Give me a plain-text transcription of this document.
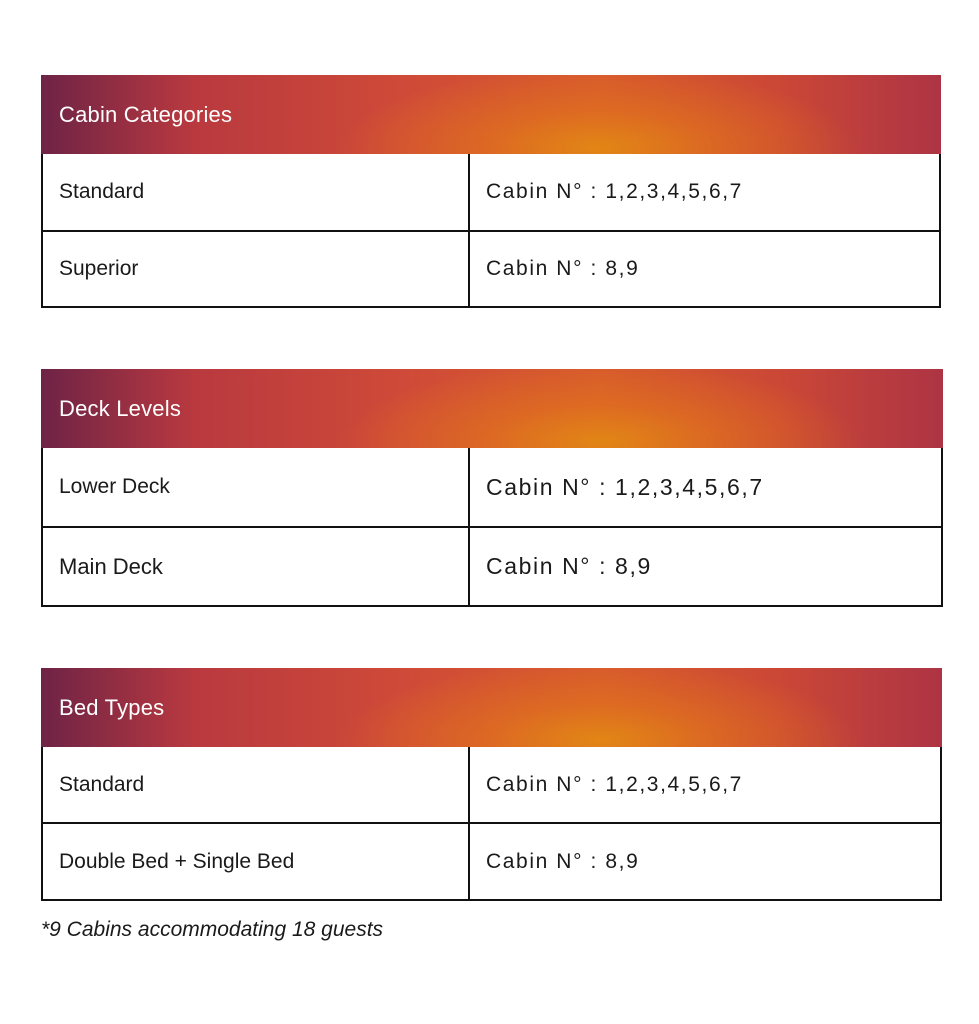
Cabin Categories
Standard	Cabin N° : 1,2,3,4,5,6,7
Superior	Cabin N° : 8,9
Deck Levels
Lower Deck	Cabin N° : 1,2,3,4,5,6,7
Main Deck	Cabin N° : 8,9
Bed Types
Standard	Cabin N° : 1,2,3,4,5,6,7
Double Bed + Single Bed	Cabin N° : 8,9
*9 Cabins accommodating 18 guests
